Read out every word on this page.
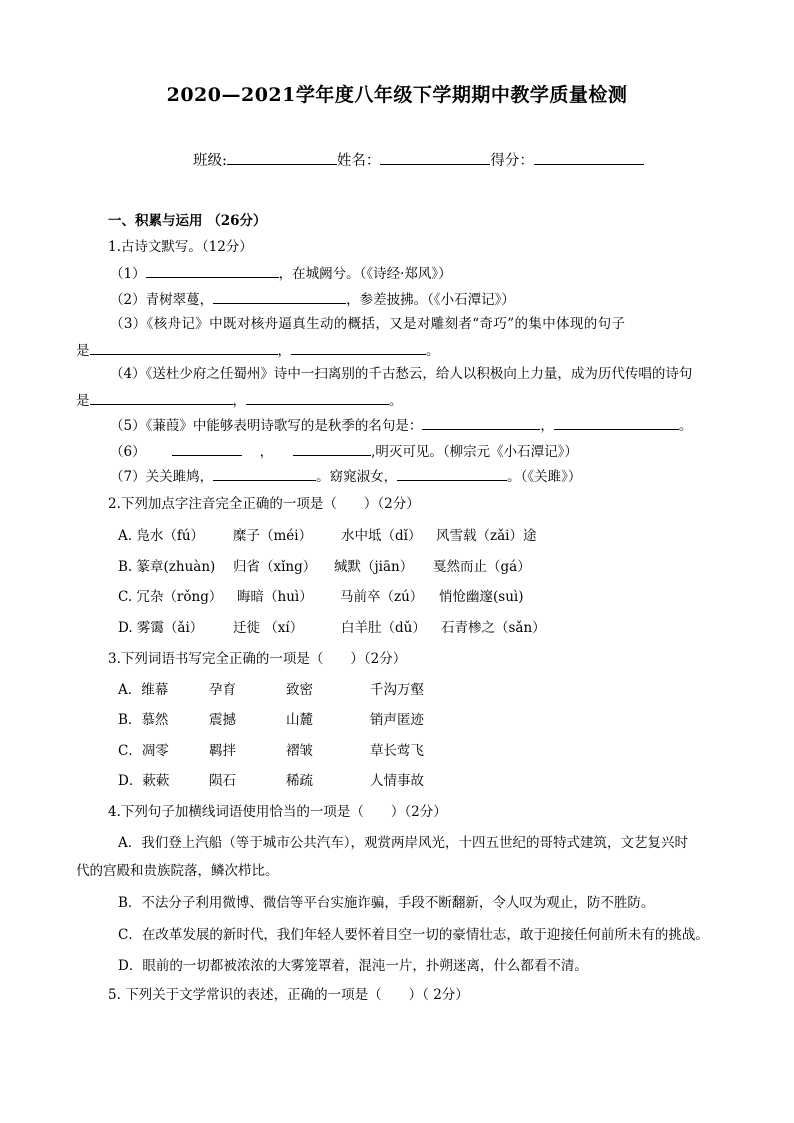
2020—2021学年度八年级下学期期中教学质量检测
班级:	姓名：	得分：
一、积累与运用 （26分）
1.古诗文默写。（12分）
（1）	，在城阙兮。（《诗经·郑风》）
（2）青树翠蔓，	，参差披拂。（《小石潭记》）
（3）《核舟记》中既对核舟逼真生动的概括，又是对雕刻者“奇巧”的集中体现的句子
是	，	。
（4）《送杜少府之任蜀州》诗中一扫离别的千古愁云，给人以积极向上力量，成为历代传唱的诗句
是	，	。
（5）《蒹葭》中能够表明诗歌写的是秋季的名句是：	，	。
（6）	，	,明灭可见。（柳宗元《小石潭记》）
（7）关关雎鸠，	。窈窕淑女，	。（《关雎》）
2.下列加点字注音完全正确的一项是（　　）（2分）
A. 凫水（fú） 糜子（méi） 水中坻（dǐ） 风雪载（zǎi）途
B. 篆章(zhuàn) 归省（xǐng） 缄默（jiān） 戛然而止（gá）
C. 冗杂（rǒng） 晦暗（huì） 马前卒（zú） 悄怆幽邃(suì)
D. 雾霭（ǎi） 迁徙 （xí）	白羊肚（dǔ） 石青椮之（sǎn）
3.下列词语书写完全正确的一项是（　　）（2分）
A．维幕	孕育	致密	千沟万壑
B．慕然	震撼	山麓	销声匿迹
C．凋零	羁拌	褶皱	草长莺飞
D．蔌蔌	陨石	稀疏	人情事故
4.下列句子加横线词语使用恰当的一项是（　　）（2分）
A．我们登上汽船（等于城市公共汽车），观赏两岸风光，十四五世纪的哥特式建筑，文艺复兴时
代的宫殿和贵族院落，鳞次栉比。
B．不法分子利用微博、微信等平台实施诈骗，手段不断翻新，令人叹为观止，防不胜防。
C．在改革发展的新时代，我们年轻人要怀着目空一切的豪情壮志，敢于迎接任何前所未有的挑战。
D．眼前的一切都被浓浓的大雾笼罩着，混沌一片，扑朔迷离，什么都看不清。
5. 下列关于文学常识的表述，正确的一项是（　　）（ 2分）
